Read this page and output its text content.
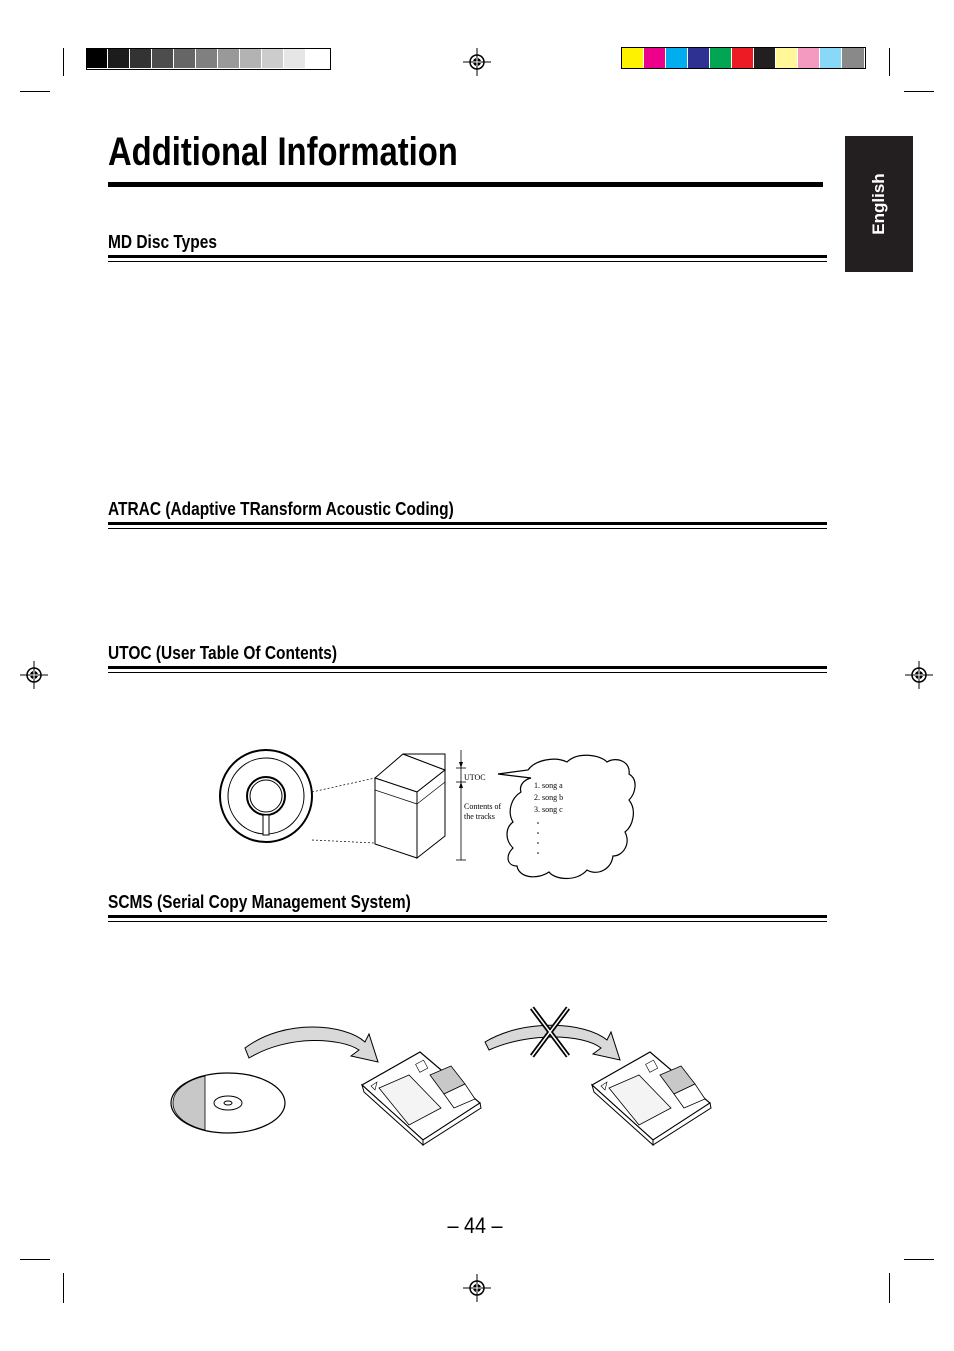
Additional Information
English
MD Disc Types
ATRAC (Adaptive TRansform Acoustic Coding)
UTOC (User Table Of Contents)
UTOC
Contents of
the tracks
1. song a
2. song b
3. song c
SCMS (Serial Copy Management System)
– 44 –
